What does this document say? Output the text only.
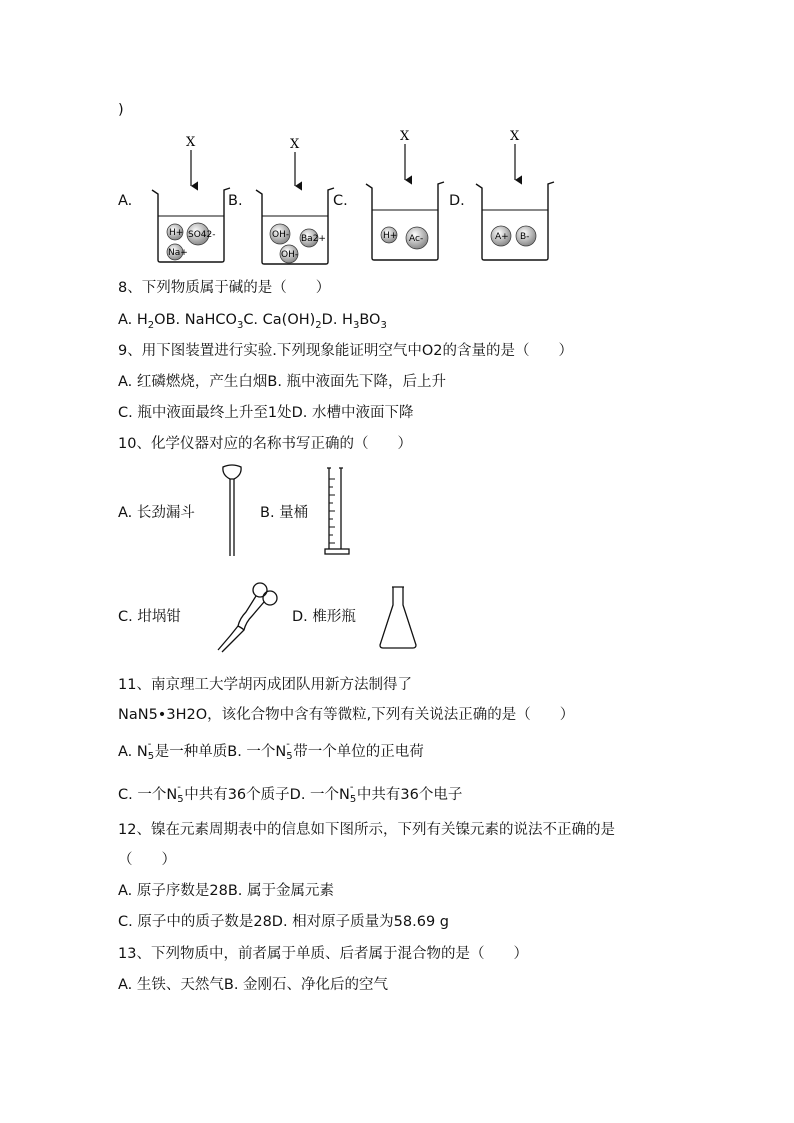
)
A.	B.	C.	D.
X
H+ SO42-
Na+
X
OH- Ba2+
OH-
X
H+ Ac-
X
A+ B-
8、下列物质属于碱的是（　　）
A. $H_2OB$. NaHCO$_3$C. $Ca(OH)_2D$. $H_3BO_3$
9、用下图装置进行实验.下列现象能证明空气中O2的含量的是（　　）
A. 红磷燃烧，产生白烟B. 瓶中液面先下降，后上升
C. 瓶中液面最终上升至1处D. 水槽中液面下降
10、化学仪器对应的名称书写正确的（　　）
A. 长劲漏斗	B. 量桶
C. 坩埚钳	D. 椎形瓶
11、南京理工大学胡丙成团队用新方法制得了
NaN5•3H2O，该化合物中含有等微粒,下列有关说法正确的是（　　）
A. N -
5 是一种单质B. 一个N -
5 带一个单位的正电荷
C. 一个N -
5 中共有36个质子D. 一个N -
5 中共有36个电子
12、镍在元素周期表中的信息如下图所示，下列有关镍元素的说法不正确的是
（　　）
A. 原子序数是28B. 属于金属元素
C. 原子中的质子数是28D. 相对原子质量为58.69 g
13、下列物质中，前者属于单质、后者属于混合物的是（　　）
A. 生铁、天然气B. 金刚石、净化后的空气
